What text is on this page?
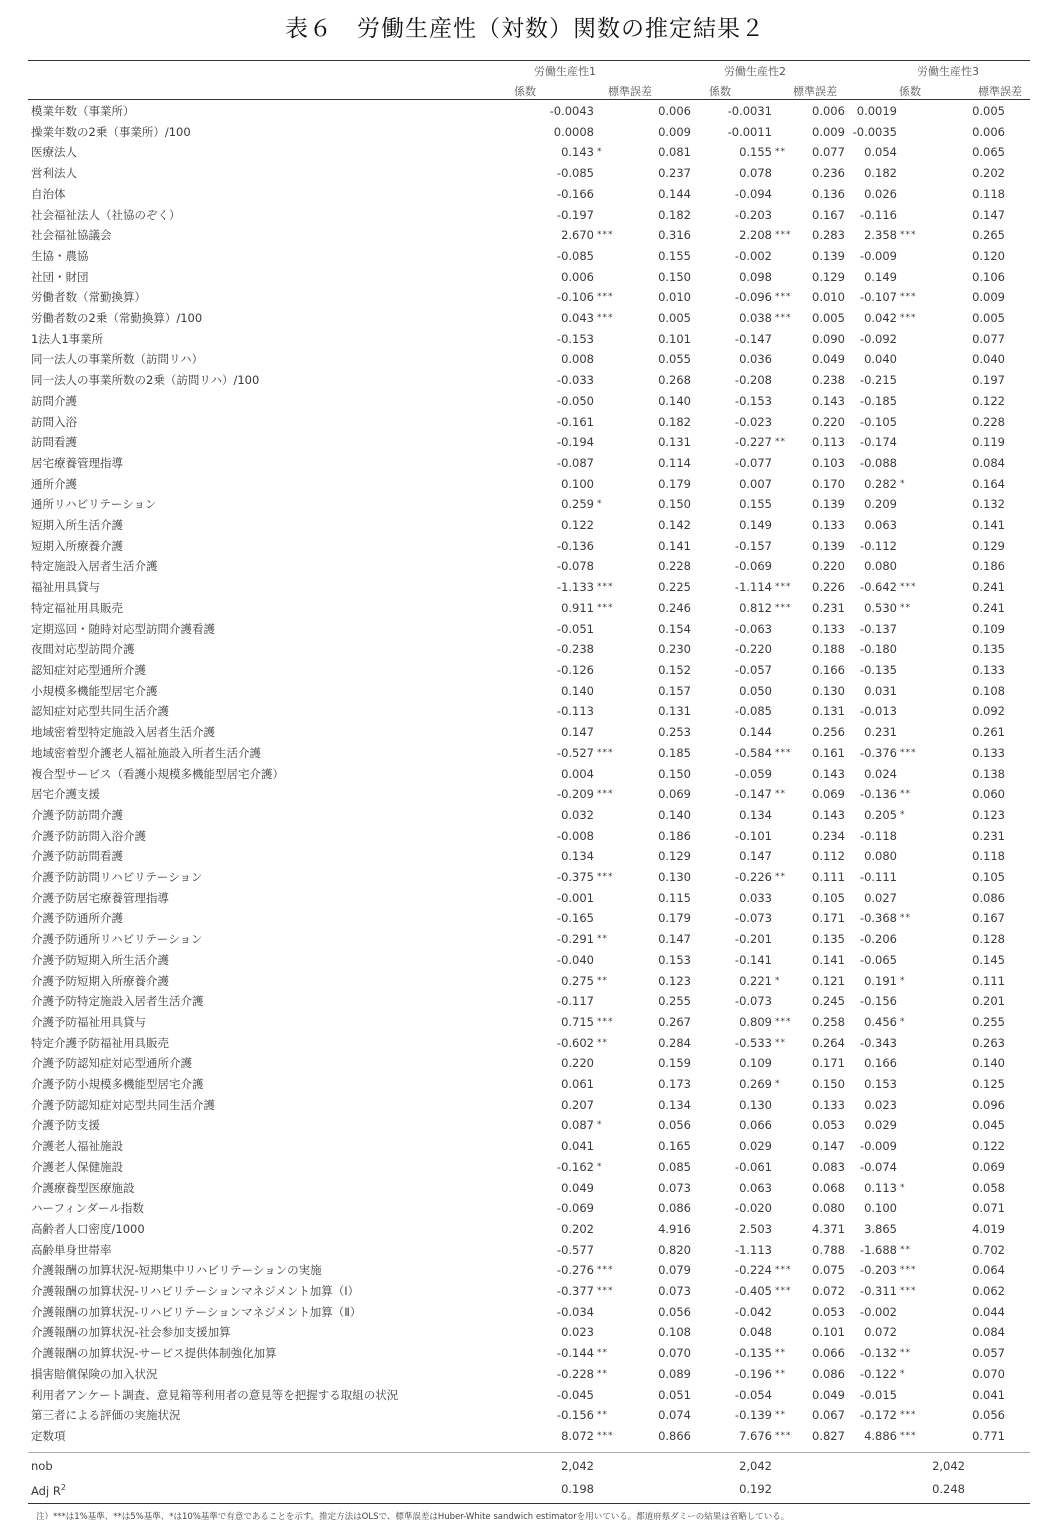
表６　労働生産性（対数）関数の推定結果２
労働生産性1	労働生産性2	労働生産性3
係数	標準誤差	係数	標準誤差	係数	標準誤差
模業年数（事業所）	-0.0043		0.006	-0.0031		0.006	0.0019		0.005
操業年数の2乗（事業所）/100	0.0008		0.009	-0.0011		0.009	-0.0035		0.006
医療法人	0.143	*	0.081	0.155	**	0.077	0.054		0.065
営利法人	-0.085		0.237	0.078		0.236	0.182		0.202
自治体	-0.166		0.144	-0.094		0.136	0.026		0.118
社会福祉法人（社協のぞく）	-0.197		0.182	-0.203		0.167	-0.116		0.147
社会福祉協議会	2.670	***	0.316	2.208	***	0.283	2.358	***	0.265
生協・農協	-0.085		0.155	-0.002		0.139	-0.009		0.120
社団・財団	0.006		0.150	0.098		0.129	0.149		0.106
労働者数（常勤換算）	-0.106	***	0.010	-0.096	***	0.010	-0.107	***	0.009
労働者数の2乗（常勤換算）/100	0.043	***	0.005	0.038	***	0.005	0.042	***	0.005
1法人1事業所	-0.153		0.101	-0.147		0.090	-0.092		0.077
同一法人の事業所数（訪問リハ）	0.008		0.055	0.036		0.049	0.040		0.040
同一法人の事業所数の2乗（訪問リハ）/100	-0.033		0.268	-0.208		0.238	-0.215		0.197
訪問介護	-0.050		0.140	-0.153		0.143	-0.185		0.122
訪問入浴	-0.161		0.182	-0.023		0.220	-0.105		0.228
訪問看護	-0.194		0.131	-0.227	**	0.113	-0.174		0.119
居宅療養管理指導	-0.087		0.114	-0.077		0.103	-0.088		0.084
通所介護	0.100		0.179	0.007		0.170	0.282	*	0.164
通所リハビリテーション	0.259	*	0.150	0.155		0.139	0.209		0.132
短期入所生活介護	0.122		0.142	0.149		0.133	0.063		0.141
短期入所療養介護	-0.136		0.141	-0.157		0.139	-0.112		0.129
特定施設入居者生活介護	-0.078		0.228	-0.069		0.220	0.080		0.186
福祉用具貸与	-1.133	***	0.225	-1.114	***	0.226	-0.642	***	0.241
特定福祉用具販売	0.911	***	0.246	0.812	***	0.231	0.530	**	0.241
定期巡回・随時対応型訪問介護看護	-0.051		0.154	-0.063		0.133	-0.137		0.109
夜間対応型訪問介護	-0.238		0.230	-0.220		0.188	-0.180		0.135
認知症対応型通所介護	-0.126		0.152	-0.057		0.166	-0.135		0.133
小規模多機能型居宅介護	0.140		0.157	0.050		0.130	0.031		0.108
認知症対応型共同生活介護	-0.113		0.131	-0.085		0.131	-0.013		0.092
地域密着型特定施設入居者生活介護	0.147		0.253	0.144		0.256	0.231		0.261
地域密着型介護老人福祉施設入所者生活介護	-0.527	***	0.185	-0.584	***	0.161	-0.376	***	0.133
複合型サービス（看護小規模多機能型居宅介護）	0.004		0.150	-0.059		0.143	0.024		0.138
居宅介護支援	-0.209	***	0.069	-0.147	**	0.069	-0.136	**	0.060
介護予防訪問介護	0.032		0.140	0.134		0.143	0.205	*	0.123
介護予防訪問入浴介護	-0.008		0.186	-0.101		0.234	-0.118		0.231
介護予防訪問看護	0.134		0.129	0.147		0.112	0.080		0.118
介護予防訪問リハビリテーション	-0.375	***	0.130	-0.226	**	0.111	-0.111		0.105
介護予防居宅療養管理指導	-0.001		0.115	0.033		0.105	0.027		0.086
介護予防通所介護	-0.165		0.179	-0.073		0.171	-0.368	**	0.167
介護予防通所リハビリテーション	-0.291	**	0.147	-0.201		0.135	-0.206		0.128
介護予防短期入所生活介護	-0.040		0.153	-0.141		0.141	-0.065		0.145
介護予防短期入所療養介護	0.275	**	0.123	0.221	*	0.121	0.191	*	0.111
介護予防特定施設入居者生活介護	-0.117		0.255	-0.073		0.245	-0.156		0.201
介護予防福祉用具貸与	0.715	***	0.267	0.809	***	0.258	0.456	*	0.255
特定介護予防福祉用具販売	-0.602	**	0.284	-0.533	**	0.264	-0.343		0.263
介護予防認知症対応型通所介護	0.220		0.159	0.109		0.171	0.166		0.140
介護予防小規模多機能型居宅介護	0.061		0.173	0.269	*	0.150	0.153		0.125
介護予防認知症対応型共同生活介護	0.207		0.134	0.130		0.133	0.023		0.096
介護予防支援	0.087	*	0.056	0.066		0.053	0.029		0.045
介護老人福祉施設	0.041		0.165	0.029		0.147	-0.009		0.122
介護老人保健施設	-0.162	*	0.085	-0.061		0.083	-0.074		0.069
介護療養型医療施設	0.049		0.073	0.063		0.068	0.113	*	0.058
ハーフィンダール指数	-0.069		0.086	-0.020		0.080	0.100		0.071
高齢者人口密度/1000	0.202		4.916	2.503		4.371	3.865		4.019
高齢単身世帯率	-0.577		0.820	-1.113		0.788	-1.688	**	0.702
介護報酬の加算状況-短期集中リハビリテーションの実施	-0.276	***	0.079	-0.224	***	0.075	-0.203	***	0.064
介護報酬の加算状況-リハビリテーションマネジメント加算（Ⅰ）	-0.377	***	0.073	-0.405	***	0.072	-0.311	***	0.062
介護報酬の加算状況-リハビリテーションマネジメント加算（Ⅱ）	-0.034		0.056	-0.042		0.053	-0.002		0.044
介護報酬の加算状況-社会参加支援加算	0.023		0.108	0.048		0.101	0.072		0.084
介護報酬の加算状況-サービス提供体制強化加算	-0.144	**	0.070	-0.135	**	0.066	-0.132	**	0.057
損害賠償保険の加入状況	-0.228	**	0.089	-0.196	**	0.086	-0.122	*	0.070
利用者アンケート調査、意見箱等利用者の意見等を把握する取組の状況	-0.045		0.051	-0.054		0.049	-0.015		0.041
第三者による評価の実施状況	-0.156	**	0.074	-0.139	**	0.067	-0.172	***	0.056
定数項	8.072	***	0.866	7.676	***	0.827	4.886	***	0.771
nob	2,042			2,042				2,042			
Adj $R^2$	0.198			0.192				0.248			
注）***は1%基準、**は5%基準、*は10%基準で有意であることを示す。推定方法はOLSで、標準誤差はHuber-White sandwich estimatorを用いている。都道府県ダミーの結果は省略している。
